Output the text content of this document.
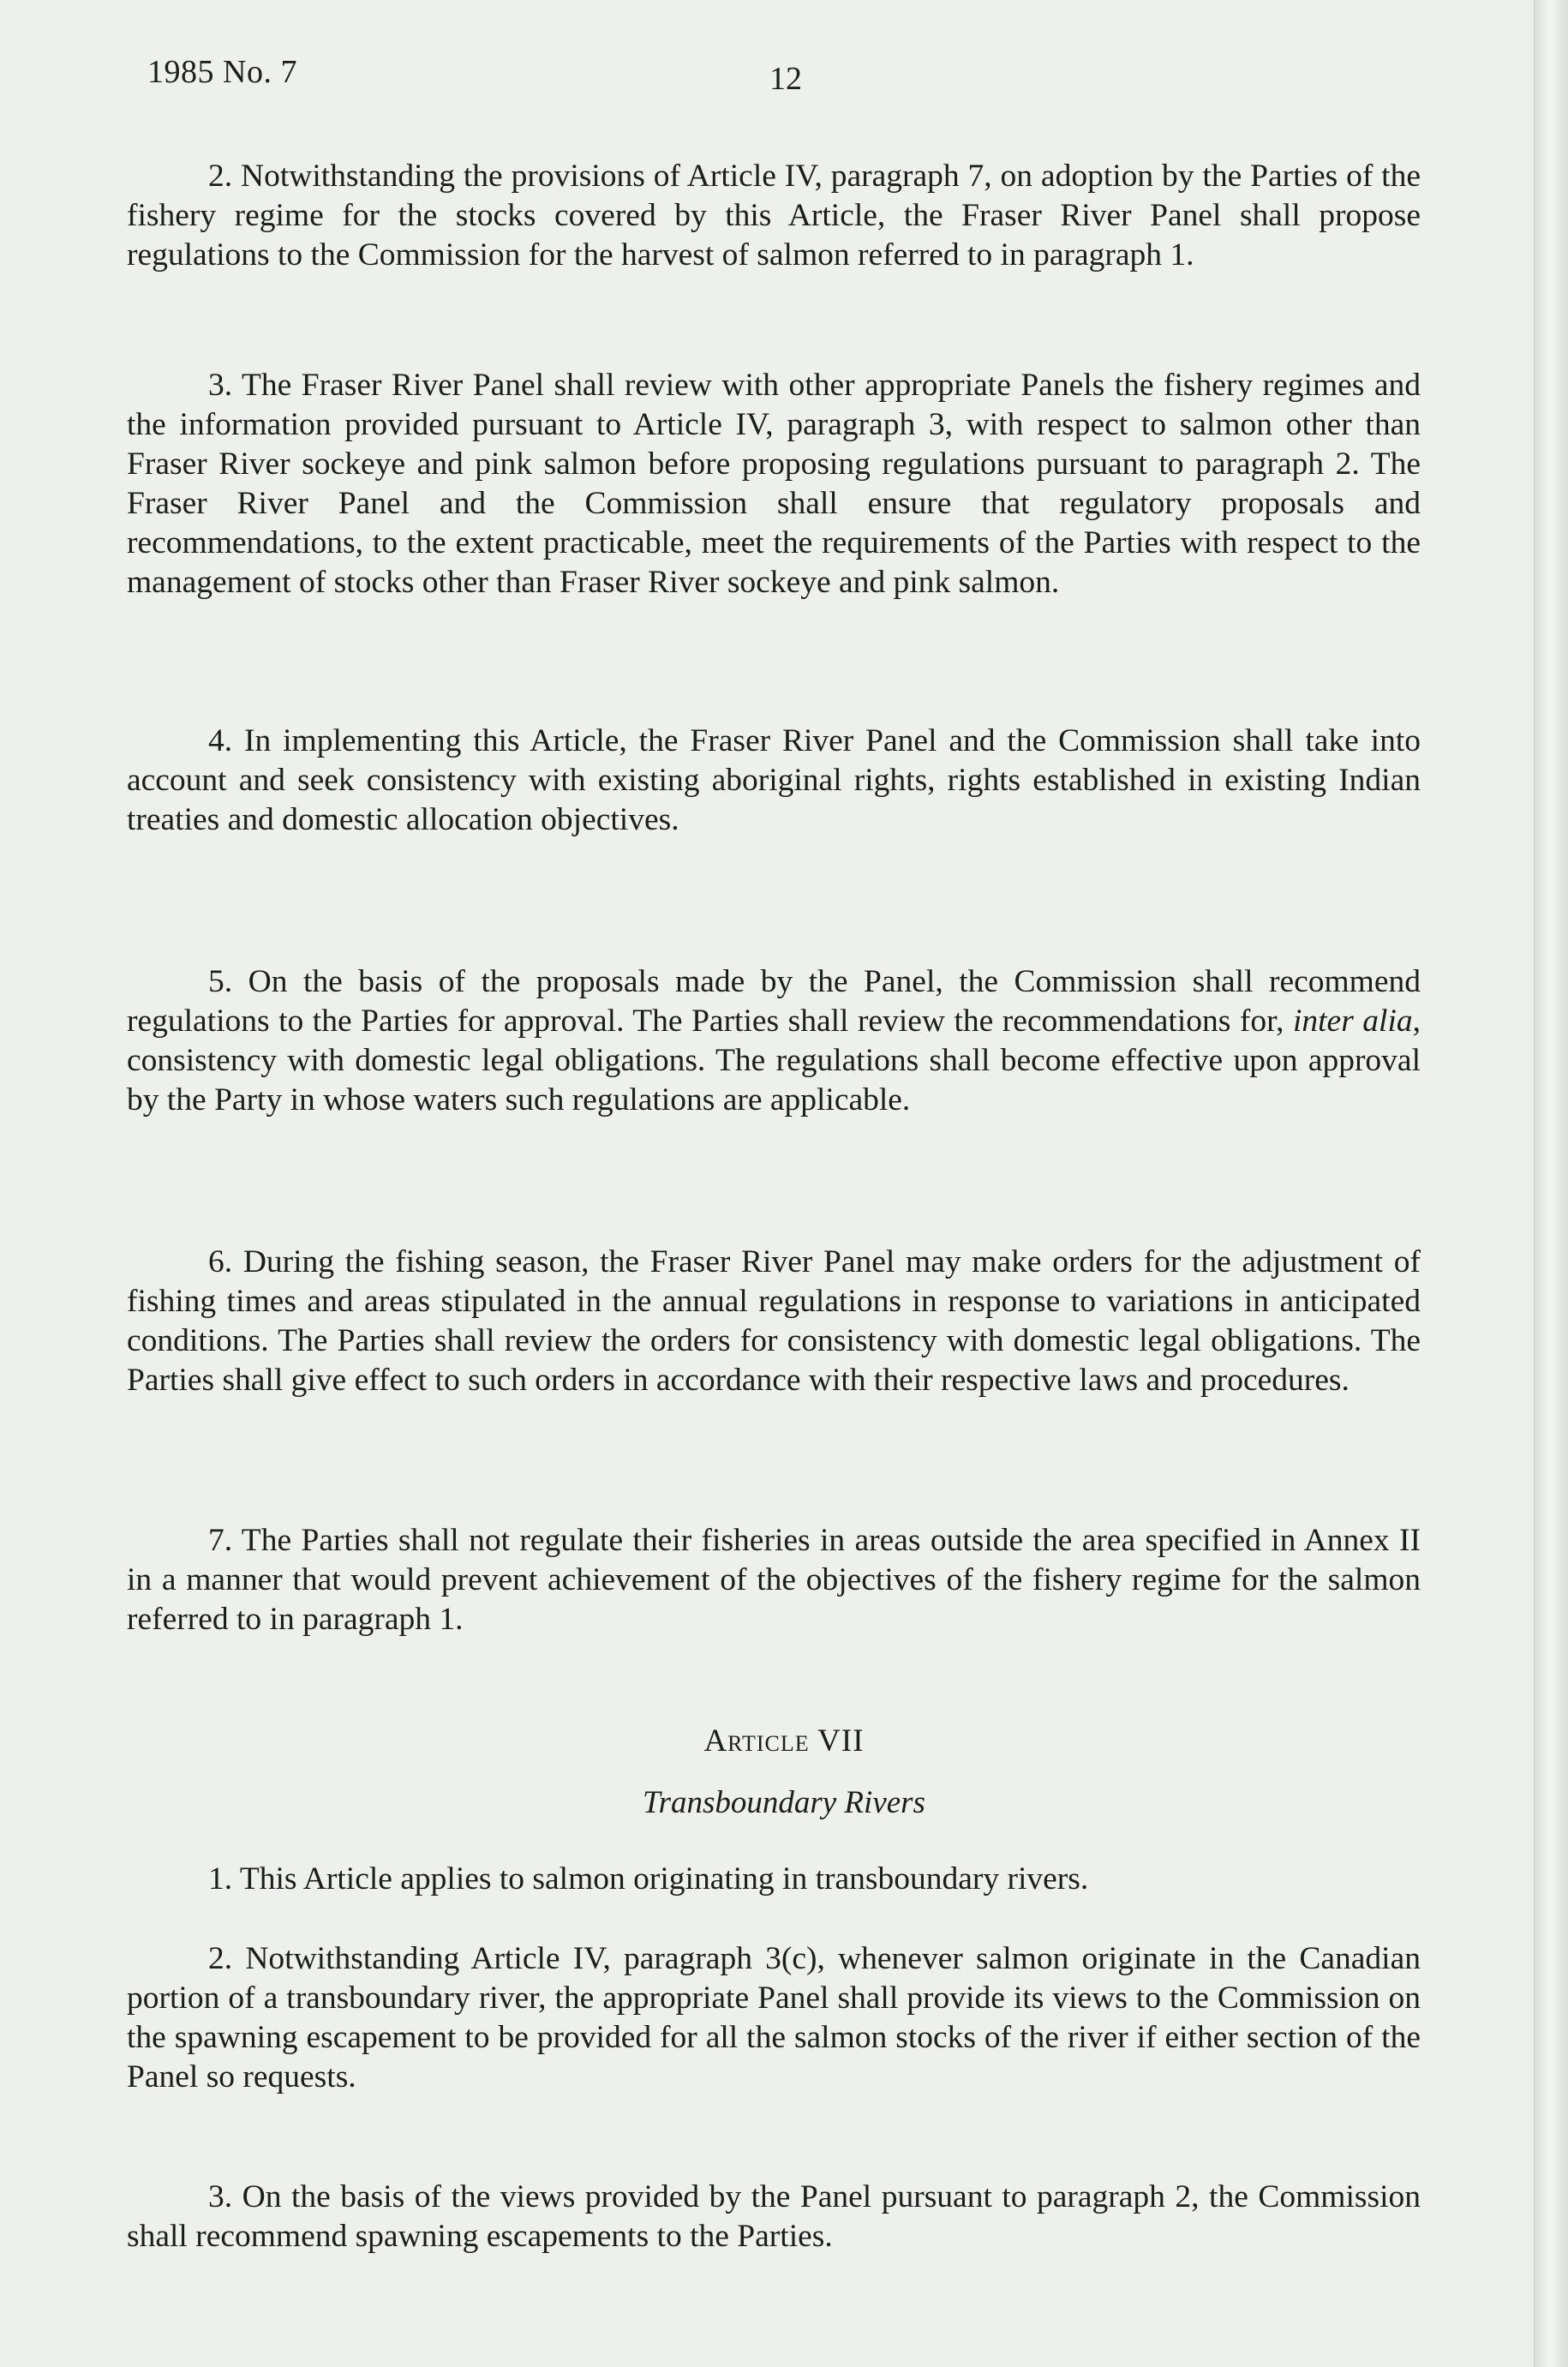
1985 No. 7	12

2. Notwithstanding the provisions of Article IV, paragraph 7, on adoption by the Parties of the fishery regime for the stocks covered by this Article, the Fraser River Panel shall propose regulations to the Commission for the harvest of salmon referred to in paragraph 1.

3. The Fraser River Panel shall review with other appropriate Panels the fishery regimes and the information provided pursuant to Article IV, paragraph 3, with respect to salmon other than Fraser River sockeye and pink salmon before proposing regulations pursuant to paragraph 2. The Fraser River Panel and the Commission shall ensure that regulatory proposals and recommendations, to the extent practicable, meet the requirements of the Parties with respect to the management of stocks other than Fraser River sockeye and pink salmon.

4. In implementing this Article, the Fraser River Panel and the Commission shall take into account and seek consistency with existing aboriginal rights, rights established in existing Indian treaties and domestic allocation objectives.

5. On the basis of the proposals made by the Panel, the Commission shall recommend regulations to the Parties for approval. The Parties shall review the recommendations for, inter alia, consistency with domestic legal obligations. The regulations shall become effective upon approval by the Party in whose waters such regulations are applicable.

6. During the fishing season, the Fraser River Panel may make orders for the adjustment of fishing times and areas stipulated in the annual regulations in response to variations in anticipated conditions. The Parties shall review the orders for consistency with domestic legal obligations. The Parties shall give effect to such orders in accordance with their respective laws and procedures.

7. The Parties shall not regulate their fisheries in areas outside the area specified in Annex II in a manner that would prevent achievement of the objectives of the fishery regime for the salmon referred to in paragraph 1.

Article VII
Transboundary Rivers

1. This Article applies to salmon originating in transboundary rivers.

2. Notwithstanding Article IV, paragraph 3(c), whenever salmon originate in the Canadian portion of a transboundary river, the appropriate Panel shall provide its views to the Commission on the spawning escapement to be provided for all the salmon stocks of the river if either section of the Panel so requests.

3. On the basis of the views provided by the Panel pursuant to paragraph 2, the Commission shall recommend spawning escapements to the Parties.
